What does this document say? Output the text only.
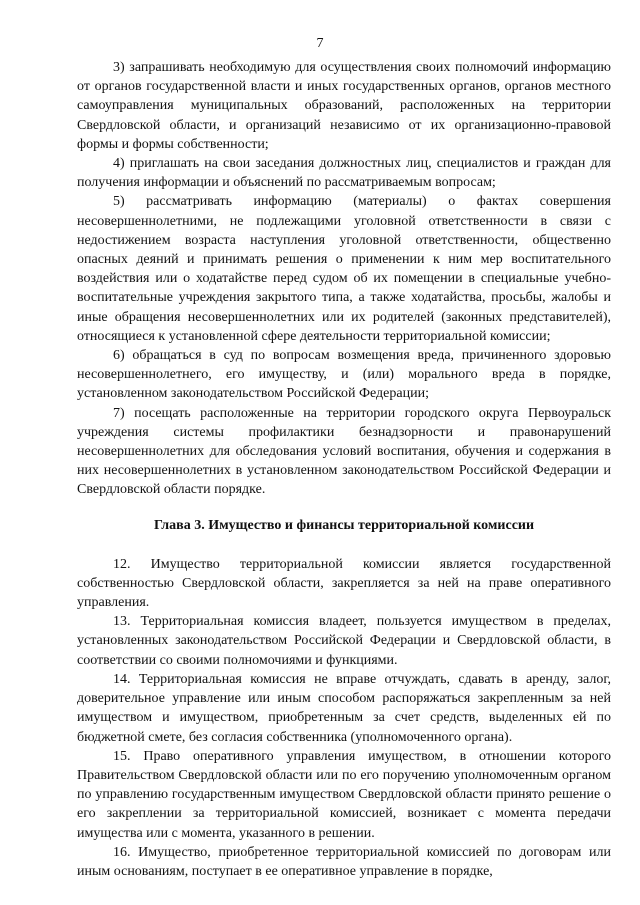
7

3) запрашивать необходимую для осуществления своих полномочий информацию от органов государственной власти и иных государственных органов, органов местного самоуправления муниципальных образований, расположенных на территории Свердловской области, и организаций независимо от их организационно-правовой формы и формы собственности;

4) приглашать на свои заседания должностных лиц, специалистов и граждан для получения информации и объяснений по рассматриваемым вопросам;

5) рассматривать информацию (материалы) о фактах совершения несовершеннолетними, не подлежащими уголовной ответственности в связи с недостижением возраста наступления уголовной ответственности, общественно опасных деяний и принимать решения о применении к ним мер воспитательного воздействия или о ходатайстве перед судом об их помещении в специальные учебно-воспитательные учреждения закрытого типа, а также ходатайства, просьбы, жалобы и иные обращения несовершеннолетних или их родителей (законных представителей), относящиеся к установленной сфере деятельности территориальной комиссии;

6) обращаться в суд по вопросам возмещения вреда, причиненного здоровью несовершеннолетнего, его имуществу, и (или) морального вреда в порядке, установленном законодательством Российской Федерации;

7) посещать расположенные на территории городского округа Первоуральск учреждения системы профилактики безнадзорности и правонарушений несовершеннолетних для обследования условий воспитания, обучения и содержания в них несовершеннолетних в установленном законодательством Российской Федерации и Свердловской области порядке.

Глава 3. Имущество и финансы территориальной комиссии

12. Имущество территориальной комиссии является государственной собственностью Свердловской области, закрепляется за ней на праве оперативного управления.

13. Территориальная комиссия владеет, пользуется имуществом в пределах, установленных законодательством Российской Федерации и Свердловской области, в соответствии со своими полномочиями и функциями.

14. Территориальная комиссия не вправе отчуждать, сдавать в аренду, залог, доверительное управление или иным способом распоряжаться закрепленным за ней имуществом и имуществом, приобретенным за счет средств, выделенных ей по бюджетной смете, без согласия собственника (уполномоченного органа).

15. Право оперативного управления имуществом, в отношении которого Правительством Свердловской области или по его поручению уполномоченным органом по управлению государственным имуществом Свердловской области принято решение о его закреплении за территориальной комиссией, возникает с момента передачи имущества или с момента, указанного в решении.

16. Имущество, приобретенное территориальной комиссией по договорам или иным основаниям, поступает в ее оперативное управление в порядке,
